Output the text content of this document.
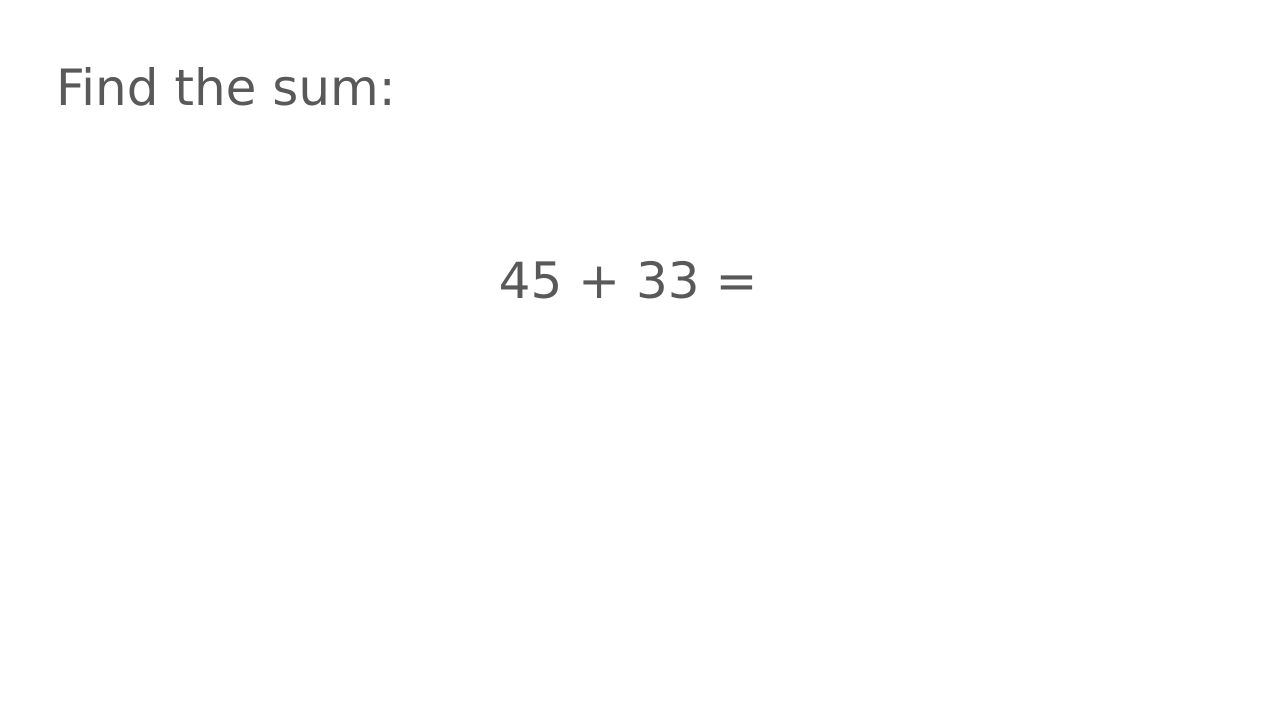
Find the sum:

45 + 33 =
